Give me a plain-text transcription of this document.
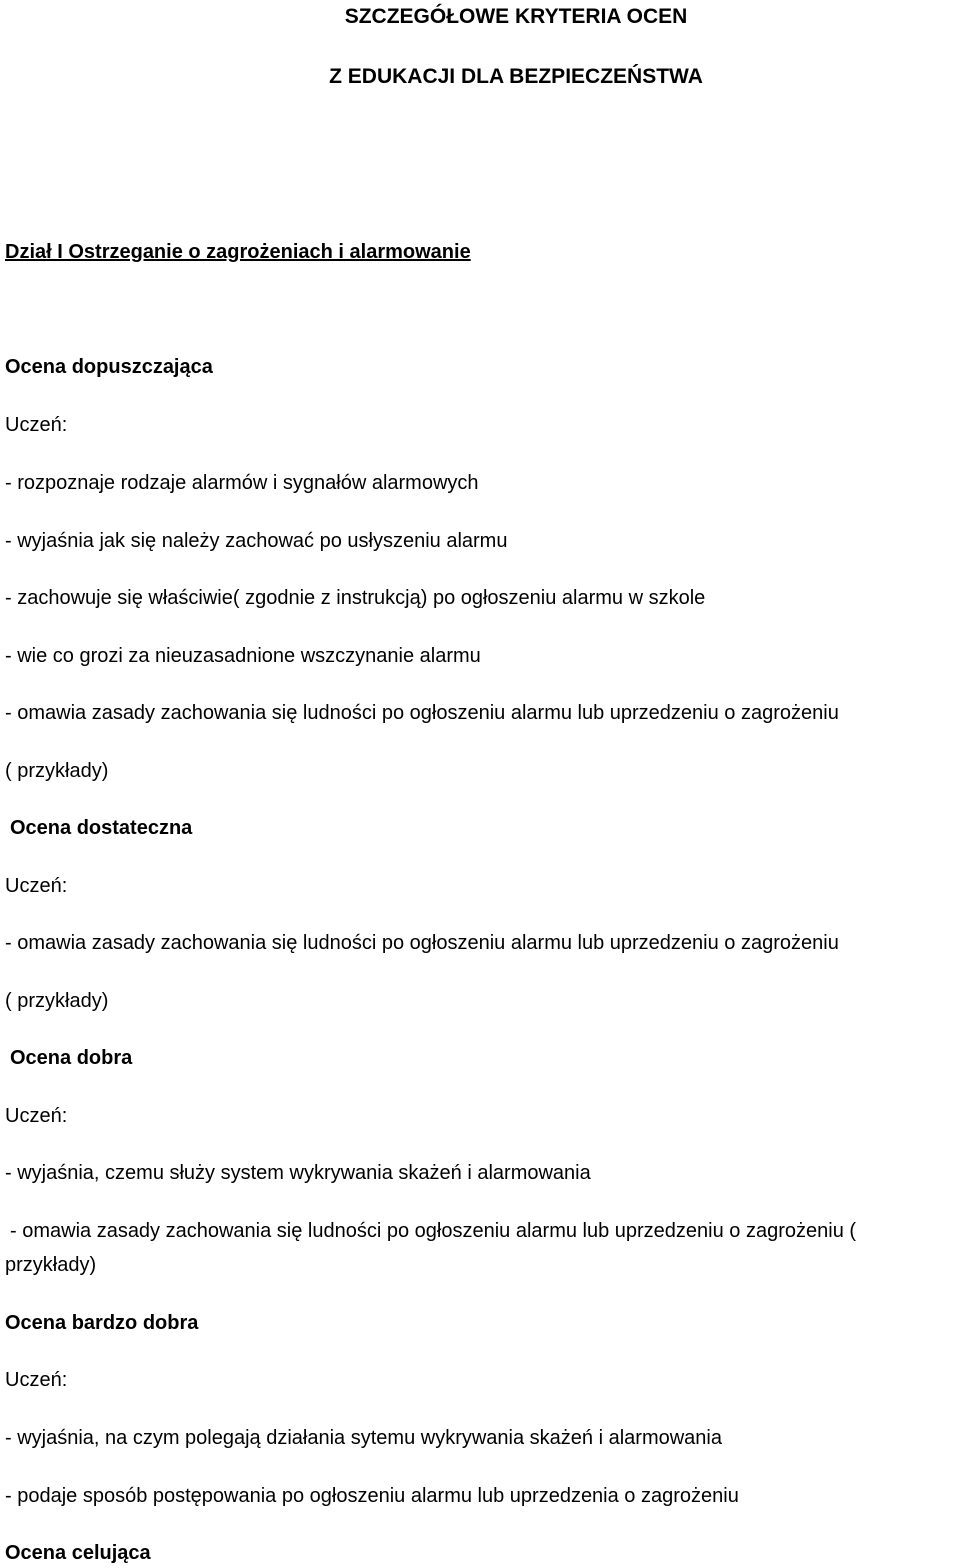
SZCZEGÓŁOWE KRYTERIA OCEN
Z EDUKACJI DLA BEZPIECZEŃSTWA
Dział I Ostrzeganie o zagrożeniach i alarmowanie
Ocena dopuszczająca
Uczeń:
- rozpoznaje rodzaje alarmów i sygnałów alarmowych
- wyjaśnia jak się należy zachować po usłyszeniu alarmu
- zachowuje się właściwie( zgodnie z instrukcją) po ogłoszeniu alarmu w szkole
- wie co grozi za nieuzasadnione wszczynanie alarmu
- omawia zasady zachowania się ludności po ogłoszeniu alarmu lub uprzedzeniu o zagrożeniu
( przykłady)
Ocena dostateczna
Uczeń:
- omawia zasady zachowania się ludności po ogłoszeniu alarmu lub uprzedzeniu o zagrożeniu
( przykłady)
Ocena dobra
Uczeń:
- wyjaśnia, czemu służy system wykrywania skażeń i alarmowania
- omawia zasady zachowania się ludności po ogłoszeniu alarmu lub uprzedzeniu o zagrożeniu (
przykłady)
Ocena bardzo dobra
Uczeń:
- wyjaśnia, na czym polegają działania sytemu wykrywania skażeń i alarmowania
- podaje sposób postępowania po ogłoszeniu alarmu lub uprzedzenia o zagrożeniu
Ocena celująca
